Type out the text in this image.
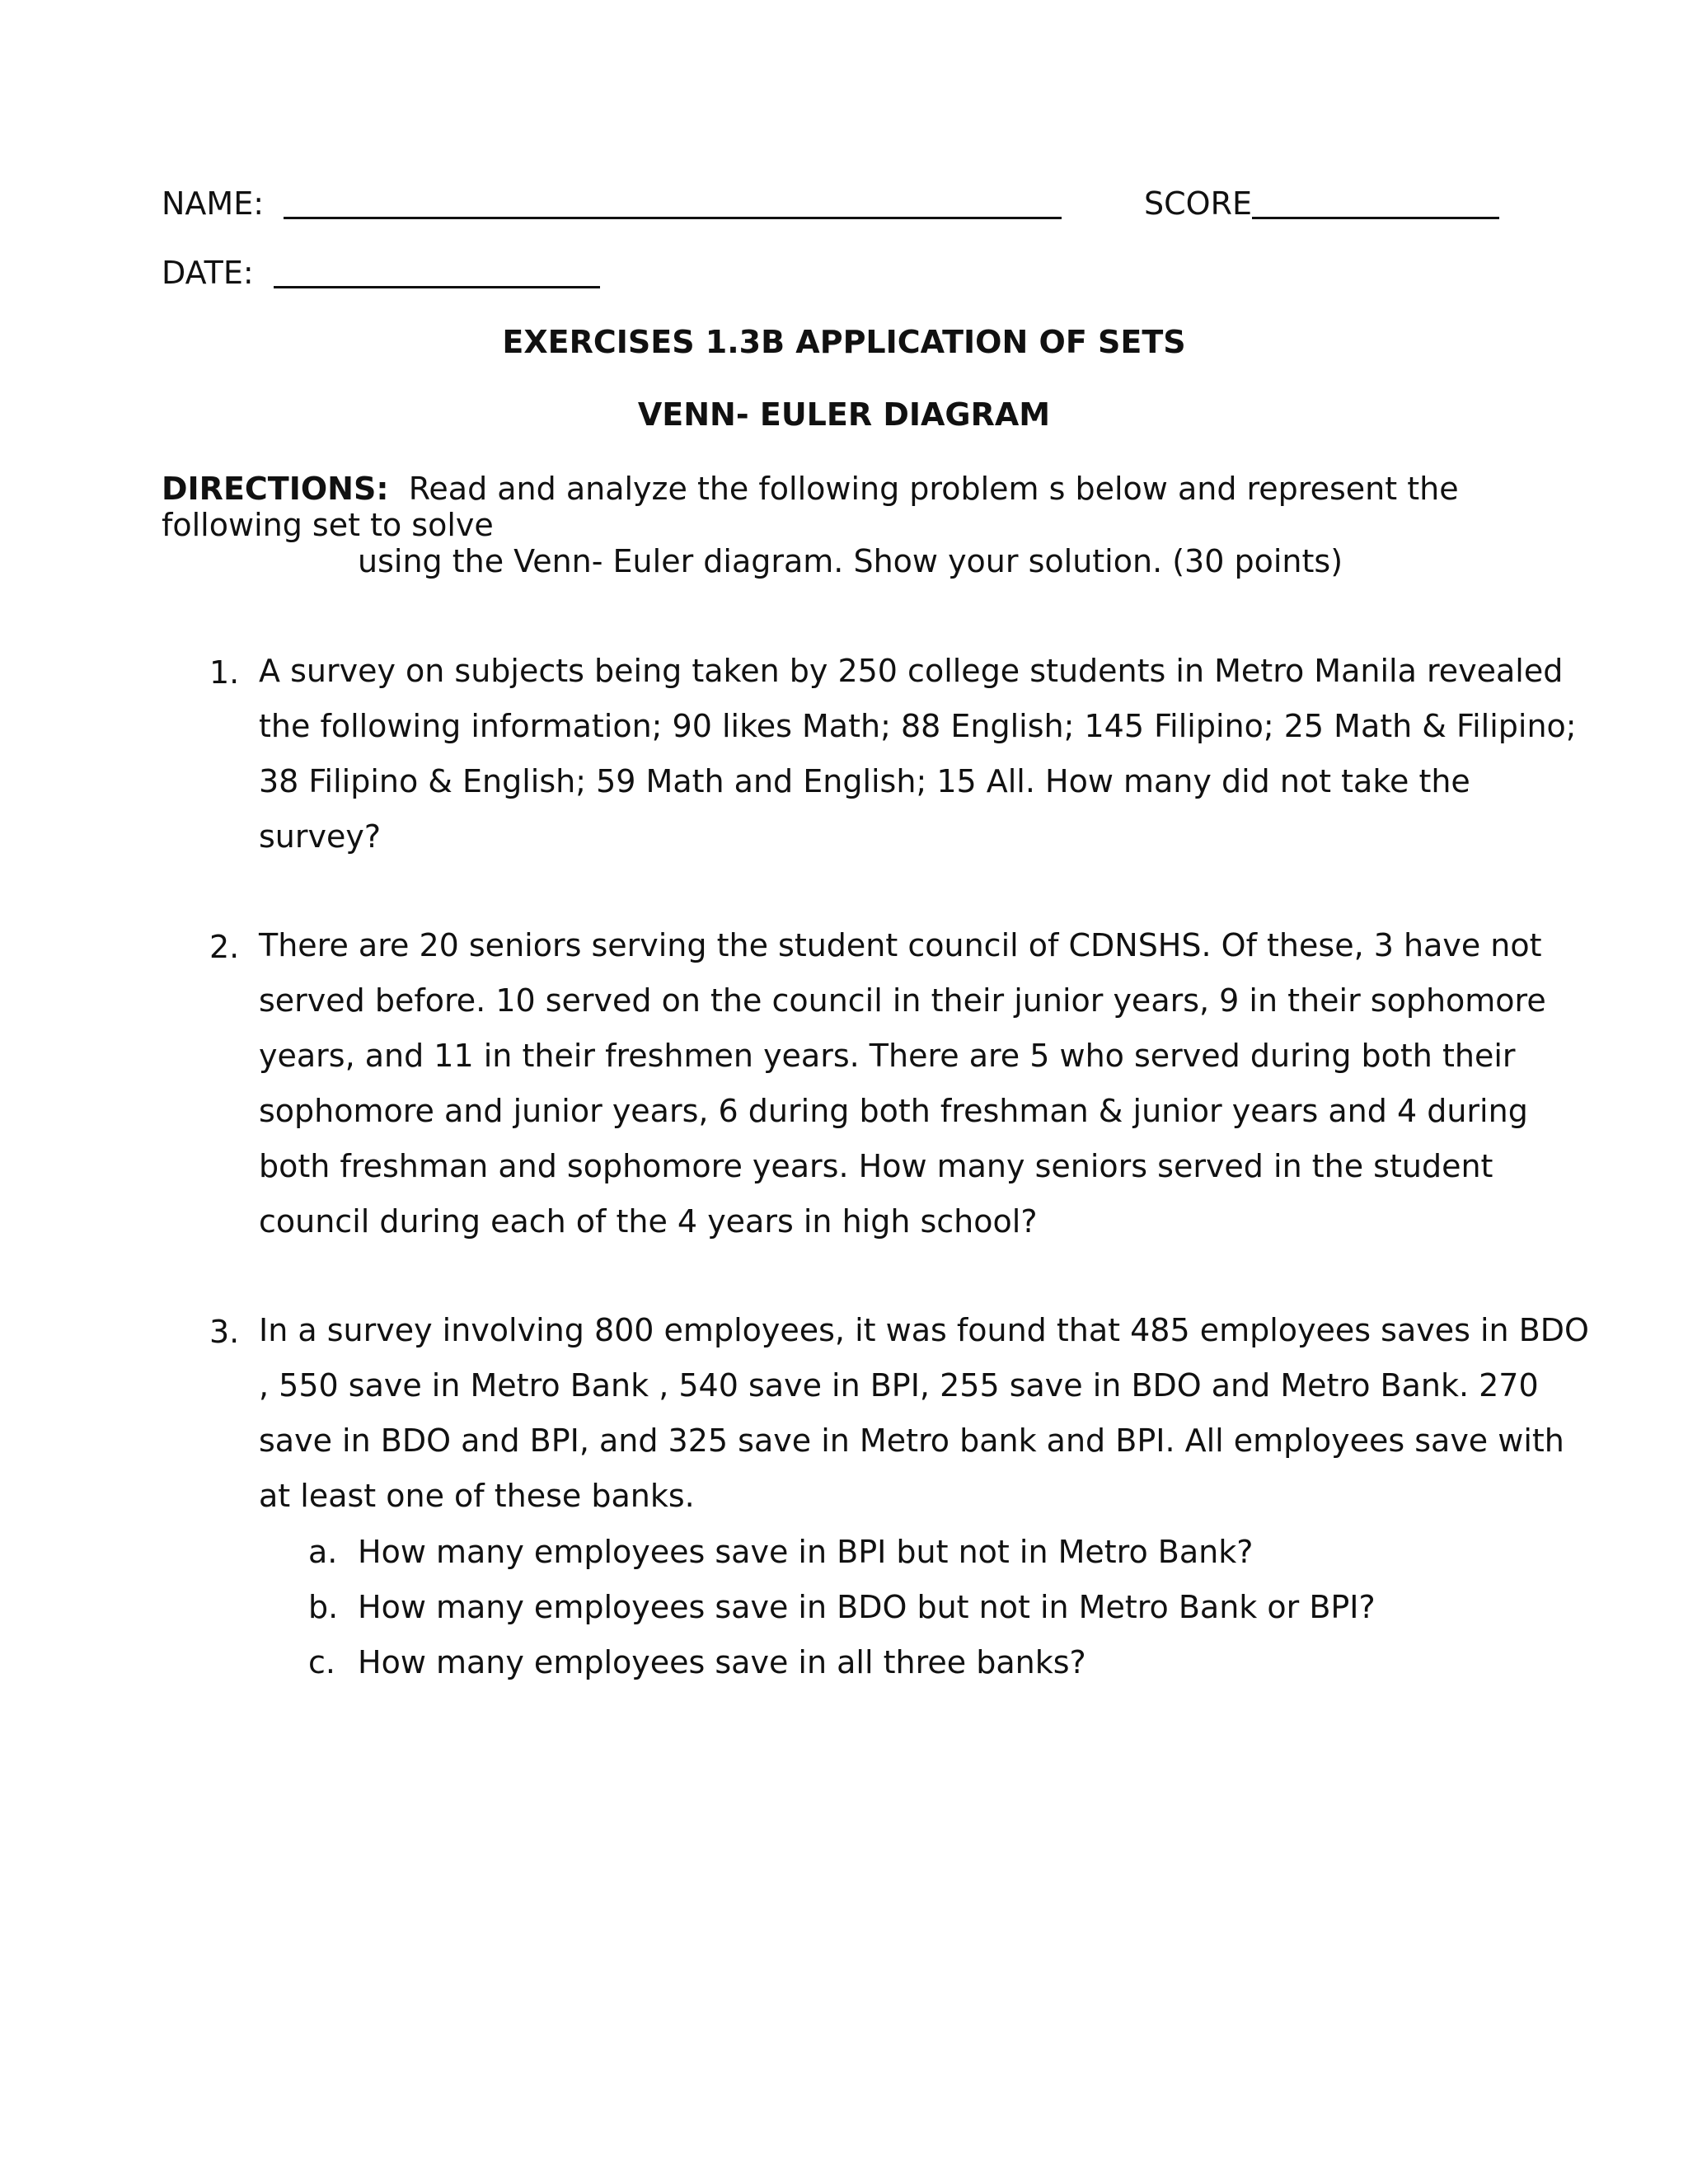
NAME:	SCORE
DATE:
EXERCISES 1.3B APPLICATION OF SETS
VENN- EULER DIAGRAM
DIRECTIONS: Read and analyze the following problem s below and represent the
following set to solve
using the Venn- Euler diagram. Show your solution. (30 points)
1. A survey on subjects being taken by 250 college students in Metro Manila revealed the following information; 90 likes Math; 88 English; 145 Filipino; 25 Math & Filipino; 38 Filipino & English; 59 Math and English; 15 All. How many did not take the survey?
2. There are 20 seniors serving the student council of CDNSHS. Of these, 3 have not served before. 10 served on the council in their junior years, 9 in their sophomore years, and 11 in their freshmen years. There are 5 who served during both their sophomore and junior years, 6 during both freshman & junior years and 4 during both freshman and sophomore years. How many seniors served in the student council during each of the 4 years in high school?
3. In a survey involving 800 employees, it was found that 485 employees saves in BDO , 550 save in Metro Bank , 540 save in BPI, 255 save in BDO and Metro Bank. 270 save in BDO and BPI, and 325 save in Metro bank and BPI. All employees save with at least one of these banks.
a. How many employees save in BPI but not in Metro Bank?
b. How many employees save in BDO but not in Metro Bank or BPI?
c. How many employees save in all three banks?
